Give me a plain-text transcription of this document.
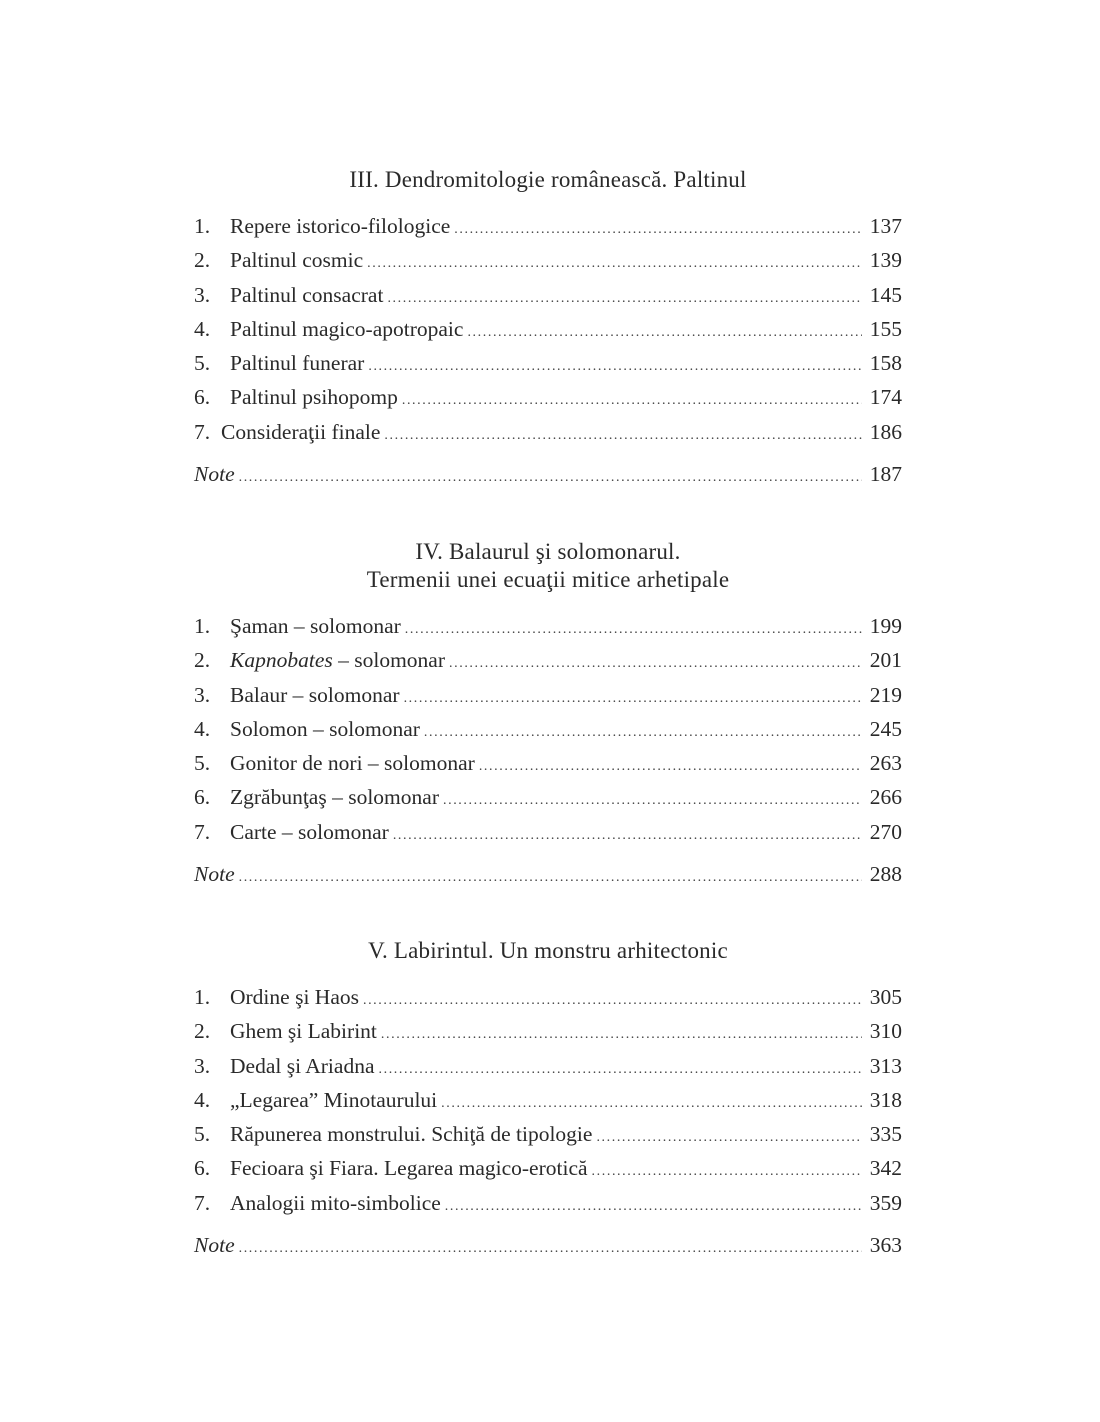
III. Dendromitologie românească. Paltinul
1. Repere istorico-filologice .....	137
2. Paltinul cosmic .....	139
3. Paltinul consacrat .....	145
4. Paltinul magico-apotropaic .....	155
5. Paltinul funerar .....	158
6. Paltinul psihopomp .....	174
7. Consideraţii finale .....	186
Note .....	187
IV. Balaurul şi solomonarul.
Termenii unei ecuaţii mitice arhetipale
1. Şaman – solomonar .....	199
2. Kapnobates – solomonar .....	201
3. Balaur – solomonar .....	219
4. Solomon – solomonar .....	245
5. Gonitor de nori – solomonar .....	263
6. Zgrăbunţaş – solomonar .....	266
7. Carte – solomonar .....	270
Note .....	288
V. Labirintul. Un monstru arhitectonic
1. Ordine şi Haos .....	305
2. Ghem şi Labirint .....	310
3. Dedal şi Ariadna .....	313
4. „Legarea” Minotaurului .....	318
5. Răpunerea monstrului. Schiţă de tipologie .....	335
6. Fecioara şi Fiara. Legarea magico-erotică .....	342
7. Analogii mito-simbolice .....	359
Note .....	363
